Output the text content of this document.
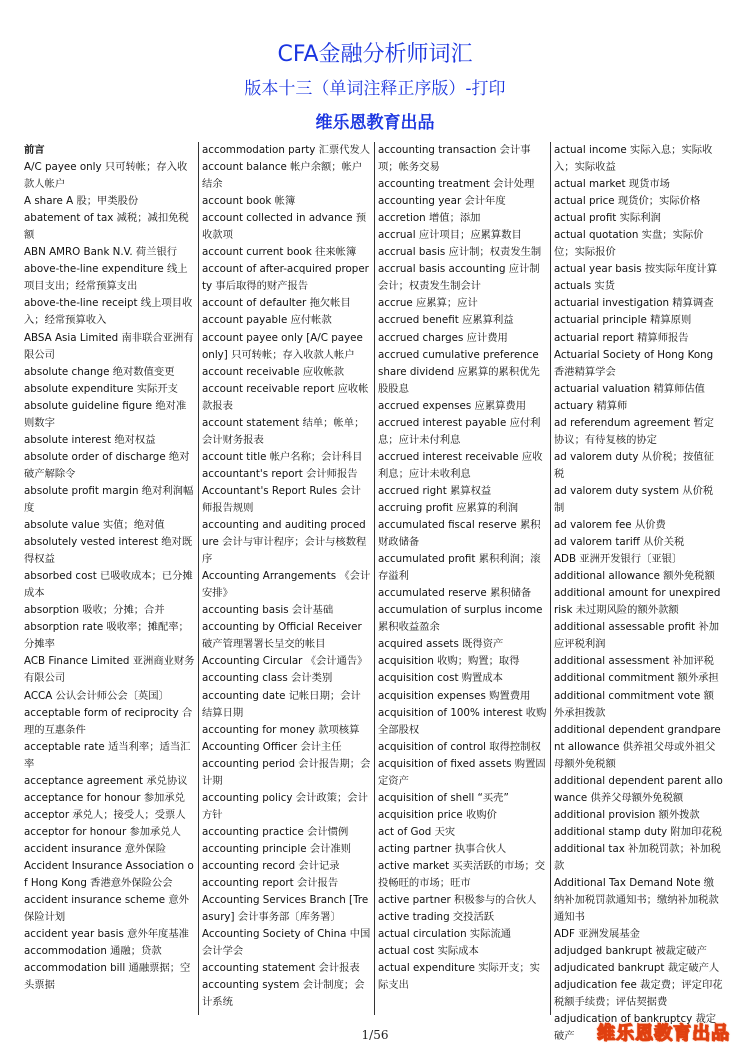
CFA金融分析师词汇
版本十三（单词注释正序版）-打印
维乐恩教育出品
前言
A/C payee only 只可转帐；存入收款人帐户
A share A 股；甲类股份
abatement of tax 减税；减扣免税额
ABN AMRO Bank N.V. 荷兰银行
above-the-line expenditure 线上项目支出；经常预算支出
above-the-line receipt 线上项目收入；经常预算收入
ABSA Asia Limited 南非联合亚洲有限公司
absolute change 绝对数值变更
absolute expenditure 实际开支
absolute guideline figure 绝对准则数字
absolute interest 绝对权益
absolute order of discharge 绝对破产解除令
absolute profit margin 绝对利润幅度
absolute value 实值；绝对值
absolutely vested interest 绝对既得权益
absorbed cost 已吸收成本；已分摊成本
absorption 吸收；分摊；合并
absorption rate 吸收率；摊配率；分摊率
ACB Finance Limited 亚洲商业财务有限公司
ACCA 公认会计师公会〔英国〕
acceptable form of reciprocity 合理的互惠条件
acceptable rate 适当利率；适当汇率
acceptance agreement 承兑协议
acceptance for honour 参加承兑
acceptor 承兑人；接受人；受票人
acceptor for honour 参加承兑人
accident insurance 意外保险
Accident Insurance Association of Hong Kong 香港意外保险公会
accident insurance scheme 意外保险计划
accident year basis 意外年度基准
accommodation 通融；贷款
accommodation bill 通融票据；空头票据
accommodation party 汇票代发人
account balance 帐户余额；帐户结余
account book 帐簿
account collected in advance 预收款项
account current book 往来帐簿
account of after-acquired property 事后取得的财产报告
account of defaulter 拖欠帐目
account payable 应付帐款
account payee only [A/C payee only] 只可转帐；存入收款人帐户
account receivable 应收帐款
account receivable report 应收帐款报表
account statement 结单；帐单；会计财务报表
account title 帐户名称；会计科目
accountant's report 会计师报告
Accountant's Report Rules 会计师报告规则
accounting and auditing procedure 会计与审计程序；会计与核数程序
Accounting Arrangements 《会计安排》
accounting basis 会计基础
accounting by Official Receiver 破产管理署署长呈交的帐目
Accounting Circular 《会计通告》
accounting class 会计类别
accounting date 记帐日期；会计结算日期
accounting for money 款项核算
Accounting Officer 会计主任
accounting period 会计报告期；会计期
accounting policy 会计政策；会计方针
accounting practice 会计惯例
accounting principle 会计准则
accounting record 会计记录
accounting report 会计报告
Accounting Services Branch [Treasury] 会计事务部〔库务署〕
Accounting Society of China 中国会计学会
accounting statement 会计报表
accounting system 会计制度；会计系统
accounting transaction 会计事项；帐务交易
accounting treatment 会计处理
accounting year 会计年度
accretion 增值；添加
accrual 应计项目；应累算数目
accrual basis 应计制；权责发生制
accrual basis accounting 应计制会计；权责发生制会计
accrue 应累算；应计
accrued benefit 应累算利益
accrued charges 应计费用
accrued cumulative preference share dividend 应累算的累积优先股股息
accrued expenses 应累算费用
accrued interest payable 应付利息；应计未付利息
accrued interest receivable 应收利息；应计未收利息
accrued right 累算权益
accruing profit 应累算的利润
accumulated fiscal reserve 累积财政储备
accumulated profit 累积利润；滚存溢利
accumulated reserve 累积储备
accumulation of surplus income 累积收益盈余
acquired assets 既得资产
acquisition 收购；购置；取得
acquisition cost 购置成本
acquisition expenses 购置费用
acquisition of 100% interest 收购全部股权
acquisition of control 取得控制权
acquisition of fixed assets 购置固定资产
acquisition of shell “买壳”
acquisition price 收购价
act of God 天灾
acting partner 执事合伙人
active market 买卖活跃的市场；交投畅旺的市场；旺市
active partner 积极参与的合伙人
active trading 交投活跃
actual circulation 实际流通
actual cost 实际成本
actual expenditure 实际开支；实际支出
actual income 实际入息；实际收入；实际收益
actual market 现货市场
actual price 现货价；实际价格
actual profit 实际利润
actual quotation 实盘；实际价位；实际报价
actual year basis 按实际年度计算
actuals 实货
actuarial investigation 精算调查
actuarial principle 精算原则
actuarial report 精算师报告
Actuarial Society of Hong Kong 香港精算学会
actuarial valuation 精算师估值
actuary 精算师
ad referendum agreement 暂定协议；有待复核的协定
ad valorem duty 从价税；按值征税
ad valorem duty system 从价税制
ad valorem fee 从价费
ad valorem tariff 从价关税
ADB 亚洲开发银行〔亚银〕
additional allowance 额外免税额
additional amount for unexpired risk 未过期风险的额外款额
additional assessable profit 补加应评税利润
additional assessment 补加评税
additional commitment 额外承担
additional commitment vote 额外承担拨款
additional dependent grandparent allowance 供养祖父母或外祖父母额外免税额
additional dependent parent allowance 供养父母额外免税额
additional provision 额外拨款
additional stamp duty 附加印花税
additional tax 补加税罚款；补加税款
Additional Tax Demand Note 缴纳补加税罚款通知书；缴纳补加税款通知书
ADF 亚洲发展基金
adjudged bankrupt 被裁定破产
adjudicated bankrupt 裁定破产人
adjudication fee 裁定费；评定印花税额手续费；评估契据费
adjudication of bankruptcy 裁定破产
1/56	维乐恩教育出品
